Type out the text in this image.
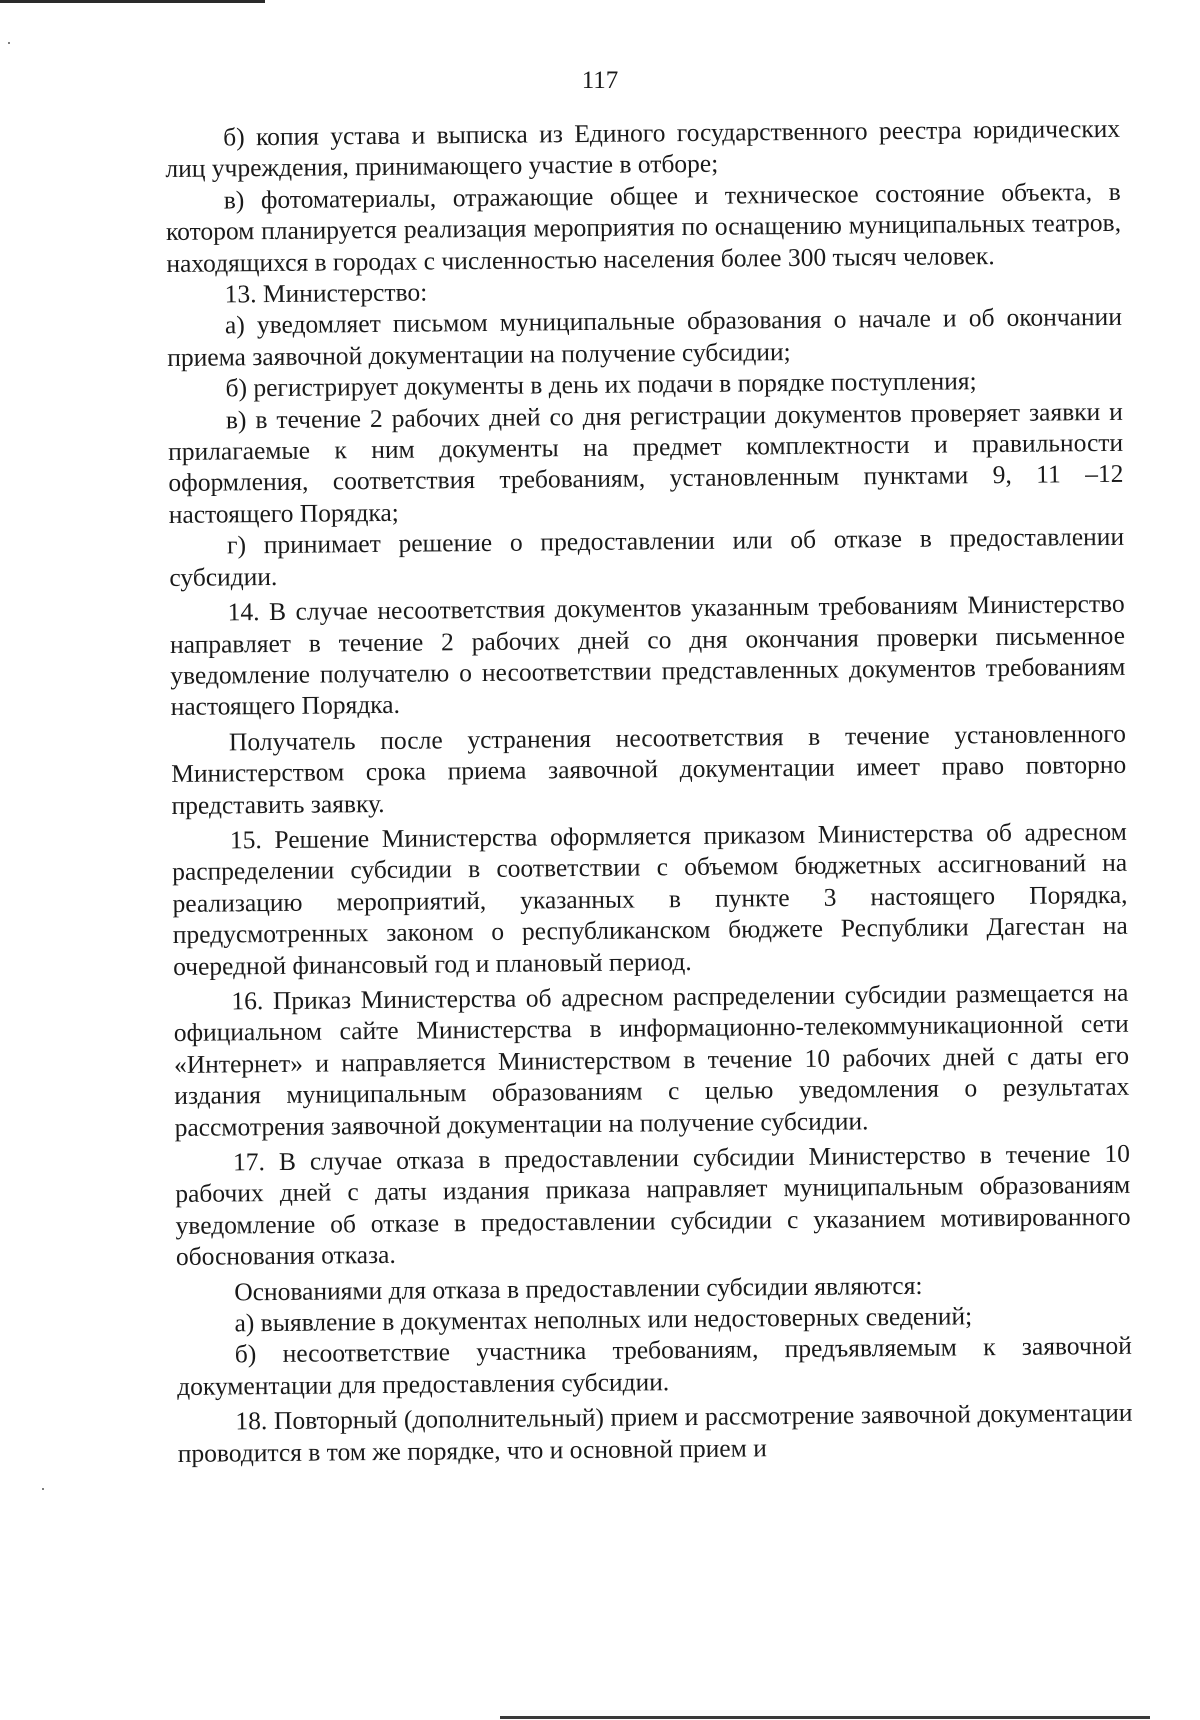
117

б) копия устава и выписка из Единого государственного реестра юридических лиц учреждения, принимающего участие в отборе;

в) фотоматериалы, отражающие общее и техническое состояние объекта, в котором планируется реализация мероприятия по оснащению муниципальных театров, находящихся в городах с численностью населения более 300 тысяч человек.

13. Министерство:

а) уведомляет письмом муниципальные образования о начале и об окончании приема заявочной документации на получение субсидии;

б) регистрирует документы в день их подачи в порядке поступления;

в) в течение 2 рабочих дней со дня регистрации документов проверяет заявки и прилагаемые к ним документы на предмет комплектности и правильности оформления, соответствия требованиям, установленным пунктами 9, 11 –12 настоящего Порядка;

г) принимает решение о предоставлении или об отказе в предоставлении субсидии.

14. В случае несоответствия документов указанным требованиям Министерство направляет в течение 2 рабочих дней со дня окончания проверки письменное уведомление получателю о несоответствии представленных документов требованиям настоящего Порядка.

Получатель после устранения несоответствия в течение установленного Министерством срока приема заявочной документации имеет право повторно представить заявку.

15. Решение Министерства оформляется приказом Министерства об адресном распределении субсидии в соответствии с объемом бюджетных ассигнований на реализацию мероприятий, указанных в пункте 3 настоящего Порядка, предусмотренных законом о республиканском бюджете Республики Дагестан на очередной финансовый год и плановый период.

16. Приказ Министерства об адресном распределении субсидии размещается на официальном сайте Министерства в информационно-телекоммуникационной сети «Интернет» и направляется Министерством в течение 10 рабочих дней с даты его издания муниципальным образованиям с целью уведомления о результатах рассмотрения заявочной документации на получение субсидии.

17. В случае отказа в предоставлении субсидии Министерство в течение 10 рабочих дней с даты издания приказа направляет муниципальным образованиям уведомление об отказе в предоставлении субсидии с указанием мотивированного обоснования отказа.

Основаниями для отказа в предоставлении субсидии являются:

а) выявление в документах неполных или недостоверных сведений;

б) несоответствие участника требованиям, предъявляемым к заявочной документации для предоставления субсидии.

18. Повторный (дополнительный) прием и рассмотрение заявочной документации проводится в том же порядке, что и основной прием и
